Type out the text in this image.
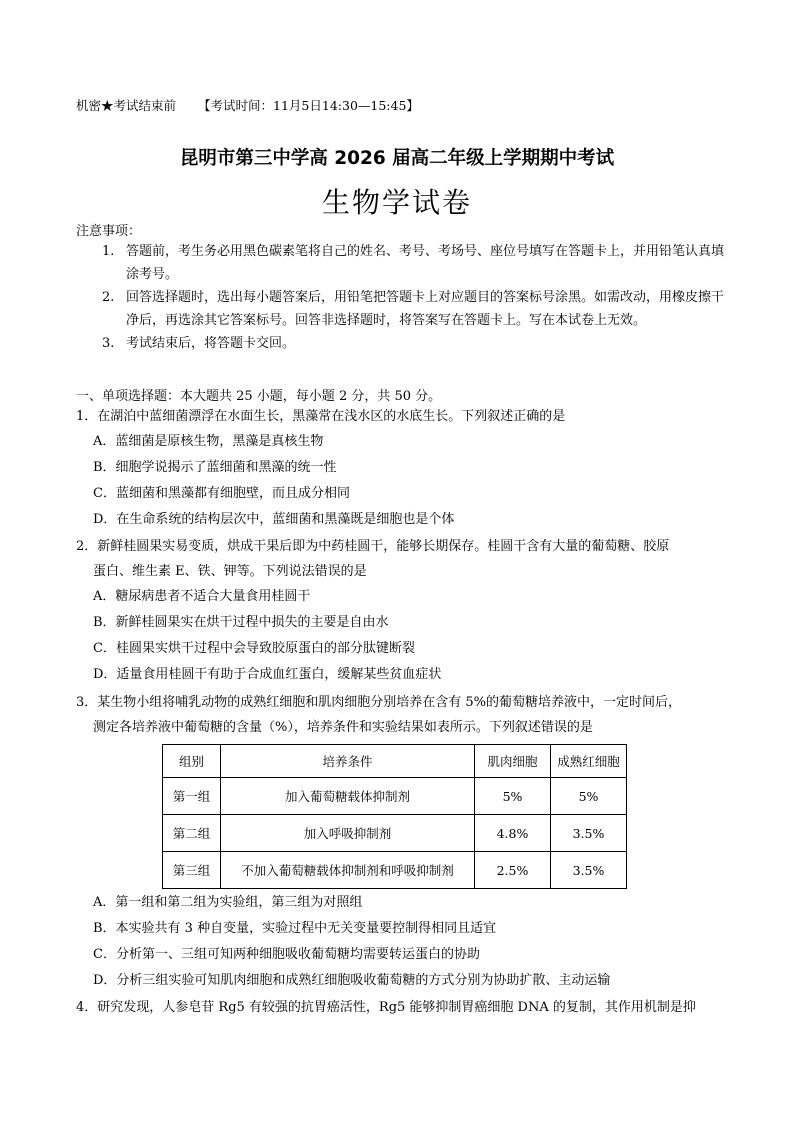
机密★考试结束前 【考试时间：11月5日14:30—15:45】
昆明市第三中学高 2026 届高二年级上学期期中考试
生物学试卷
注意事项：
1. 答题前，考生务必用黑色碳素笔将自己的姓名、考号、考场号、座位号填写在答题卡上，并用铅笔认真填涂考号。
2. 回答选择题时，选出每小题答案后，用铅笔把答题卡上对应题目的答案标号涂黑。如需改动，用橡皮擦干净后，再选涂其它答案标号。回答非选择题时，将答案写在答题卡上。写在本试卷上无效。
3. 考试结束后，将答题卡交回。
一、单项选择题：本大题共 25 小题，每小题 2 分，共 50 分。
1．在湖泊中蓝细菌漂浮在水面生长，黑藻常在浅水区的水底生长。下列叙述正确的是
A．蓝细菌是原核生物，黑藻是真核生物
B．细胞学说揭示了蓝细菌和黑藻的统一性
C．蓝细菌和黑藻都有细胞壁，而且成分相同
D．在生命系统的结构层次中，蓝细菌和黑藻既是细胞也是个体
2．新鲜桂圆果实易变质，烘成干果后即为中药桂圆干，能够长期保存。桂圆干含有大量的葡萄糖、胶原
蛋白、维生素 E、铁、钾等。下列说法错误的是
A．糖尿病患者不适合大量食用桂圆干
B．新鲜桂圆果实在烘干过程中损失的主要是自由水
C．桂圆果实烘干过程中会导致胶原蛋白的部分肽键断裂
D．适量食用桂圆干有助于合成血红蛋白，缓解某些贫血症状
3．某生物小组将哺乳动物的成熟红细胞和肌肉细胞分别培养在含有 5%的葡萄糖培养液中，一定时间后，
测定各培养液中葡萄糖的含量（%），培养条件和实验结果如表所示。下列叙述错误的是
组别	培养条件	肌肉细胞	成熟红细胞
第一组	加入葡萄糖载体抑制剂	5%	5%
第二组	加入呼吸抑制剂	4.8%	3.5%
第三组	不加入葡萄糖载体抑制剂和呼吸抑制剂	2.5%	3.5%
A．第一组和第二组为实验组，第三组为对照组
B．本实验共有 3 种自变量，实验过程中无关变量要控制得相同且适宜
C．分析第一、三组可知两种细胞吸收葡萄糖均需要转运蛋白的协助
D．分析三组实验可知肌肉细胞和成熟红细胞吸收葡萄糖的方式分别为协助扩散、主动运输
4．研究发现，人参皂苷 Rg5 有较强的抗胃癌活性，Rg5 能够抑制胃癌细胞 DNA 的复制，其作用机制是抑
